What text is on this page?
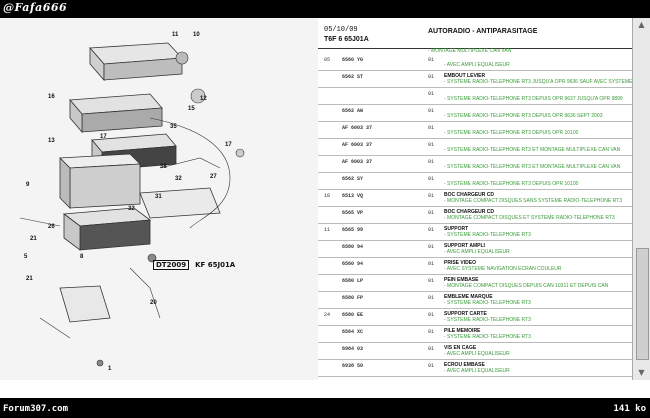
@Fafa666
11 10
12
16
15
35
17
17
13
27
38
32
31
32
26
9
5
21
21
20
8
1
DT2009	KF 65J01A
05/10/09
T6F 6 65J01A
AUTORADIO - ANTIPARASITAGE
- MONTAGE MULTIPLEXE CAN VAN
05 6560 YG	01
- AVEC AMPLI EQUALISEUR
6562 ST	01 EMBOUT LEVIER
- SYSTEME RADIO-TELEPHONE RT3 JUSQU'A OPR 9636 SAUF AVEC SYSTEME
01
- SYSTEME RADIO-TELEPHONE RT3 DEPUIS OPR 9637 JUSQU'A OPR 9899
6562 AW	01
- SYSTEME RADIO-TELEPHONE RT3 DEPUIS OPR 9636 SEPT 2003
AF 6003 37	01
- SYSTEME RADIO-TELEPHONE RT3 DEPUIS OPR 10100
AF 6003 37	01
- SYSTEME RADIO-TELEPHONE RT3 ET MONTAGE MULTIPLEXE CAN VAN
AF 6003 37	01
- SYSTEME RADIO-TELEPHONE RT3 ET MONTAGE MULTIPLEXE CAN VAN
6562 SY	01
- SYSTEME RADIO-TELEPHONE RT3 DEPUIS OPR 10100
10 6513 VQ	01 BOC CHARGEUR CD
- MONTAGE COMPACT DISQUES SANS SYSTEME RADIO-TELEPHONE RT3
6565 VP	01 BOC CHARGEUR CD
- MONTAGE COMPACT DISQUES ET SYSTEME RADIO-TELEPHONE RT3
11 6565 99	01 SUPPORT
- SYSTEME RADIO-TELEPHONE RT3
6580 94	01 SUPPORT AMPLI
- AVEC AMPLI EQUALISEUR
6560 94	01 PRISE VIDEO
- AVEC SYSTEME NAVIGATION ECRAN COULEUR
6580 LP	01 PEIN EMBASE
- MONTAGE COMPACT DISQUES DEPUIS CAN 10311 ET DEPUIS CAN
6580 FP	01 EMBLEME MARQUE
- SYSTEME RADIO-TELEPHONE RT3
24 6580 EE	01 SUPPORT CARTE
- SYSTEME RADIO-TELEPHONE RT3
6564 XC	01 PILE MEMOIRE
- SYSTEME RADIO-TELEPHONE RT3
6984 03	01 VIS EN CAGE
- AVEC AMPLI EQUALISEUR
6938 50	01 ECROU EMBASE
- AVEC AMPLI EQUALISEUR
▲
▼
Forum307.com	141 ko
